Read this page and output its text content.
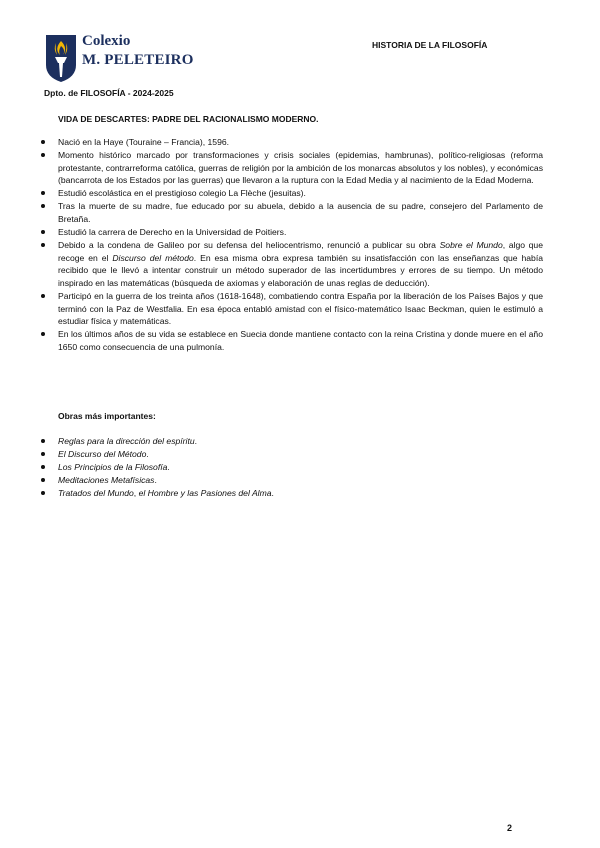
Colexio
M. PELETEIRO
HISTORIA DE LA FILOSOFÍA
Dpto. de FILOSOFÍA - 2024-2025
VIDA DE DESCARTES: PADRE DEL RACIONALISMO MODERNO.
Nació en la Haye (Touraine – Francia), 1596.
Momento histórico marcado por transformaciones y crisis sociales (epidemias, hambrunas), político-religiosas (reforma protestante, contrarreforma católica, guerras de religión por la ambición de los monarcas absolutos y los nobles), y económicas (bancarrota de los Estados por las guerras) que llevaron a la ruptura con la Edad Media y al nacimiento de la Edad Moderna.
Estudió escolástica en el prestigioso colegio La Flèche (jesuitas).
Tras la muerte de su madre, fue educado por su abuela, debido a la ausencia de su padre, consejero del Parlamento de Bretaña.
Estudió la carrera de Derecho en la Universidad de Poitiers.
Debido a la condena de Galileo por su defensa del heliocentrismo, renunció a publicar su obra Sobre el Mundo, algo que recoge en el Discurso del método. En esa misma obra expresa también su insatisfacción con las enseñanzas que había recibido que le llevó a intentar construir un método superador de las incertidumbres y errores de su tiempo. Un método inspirado en las matemáticas (búsqueda de axiomas y elaboración de unas reglas de deducción).
Participó en la guerra de los treinta años (1618-1648), combatiendo contra España por la liberación de los Países Bajos y que terminó con la Paz de Westfalia. En esa época entabló amistad con el físico-matemático Isaac Beckman, quien le estimuló a estudiar física y matemáticas.
En los últimos años de su vida se establece en Suecia donde mantiene contacto con la reina Cristina y donde muere en el año 1650 como consecuencia de una pulmonía.
Obras más importantes:
Reglas para la dirección del espíritu.
El Discurso del Método.
Los Principios de la Filosofía.
Meditaciones Metafísicas.
Tratados del Mundo, el Hombre y las Pasiones del Alma.
2
